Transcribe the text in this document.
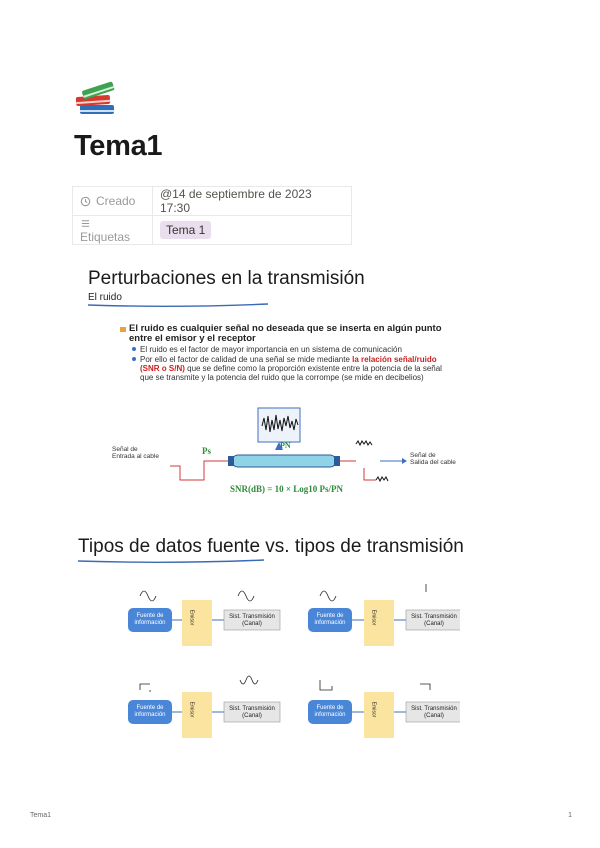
Tema1
Creado	@14 de septiembre de 2023 17:30
Etiquetas	Tema 1
Perturbaciones en la transmisión
El ruido
El ruido es cualquier señal no deseada que se inserta en algún punto entre el emisor y el receptor
El ruido es el factor de mayor importancia en un sistema de comunicación
Por ello el factor de calidad de una señal se mide mediante la relación señal/ruido (SNR o S/N) que se define como la proporción existente entre la potencia de la señal que se transmite y la potencia del ruido que la corrompe (se mide en decibelios)
Señal de
Entrada al cable
Ps
PN
Señal de
Salida del cable
SNR(dB) = 10 × Log10 Ps/PN
Tipos de datos fuente vs. tipos de transmisión
Fuente de información	Emisor	Sist. Transmisión
(Canal)
Fuente de información	Emisor	Sist. Transmisión
(Canal)
Fuente de información	Emisor	Sist. Transmisión
(Canal)
Fuente de información	Emisor	Sist. Transmisión
(Canal)
Tema1	1
